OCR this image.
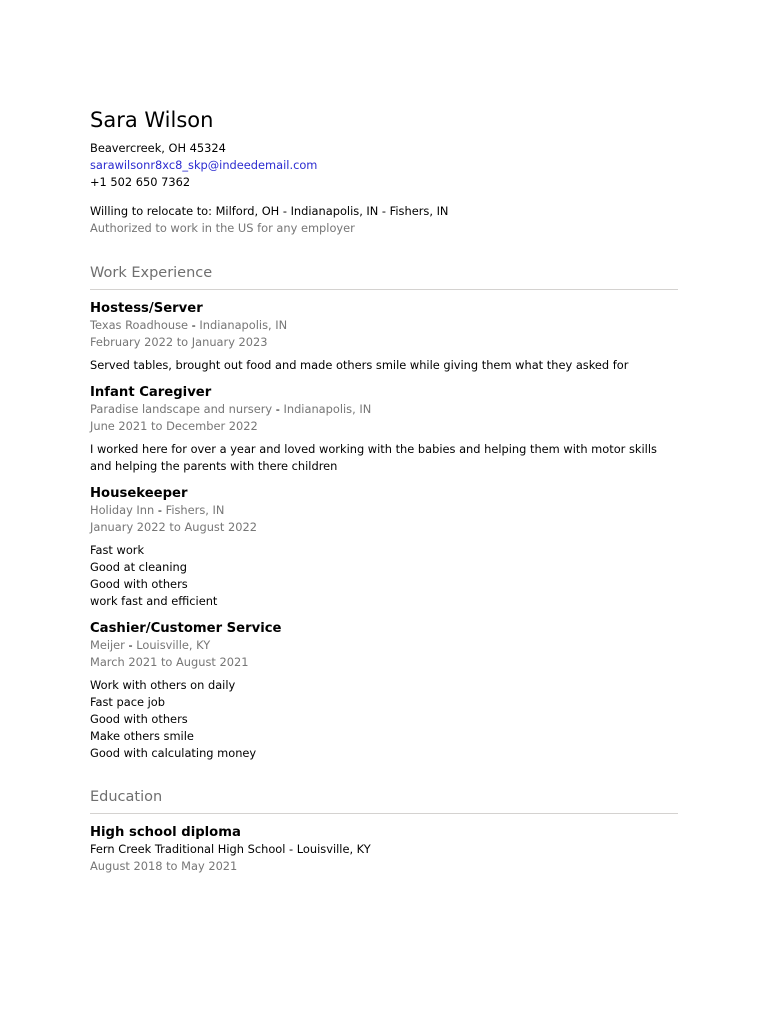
Sara Wilson

Beavercreek, OH 45324

sarawilsonr8xc8_skp@indeedemail.com

+1 502 650 7362

Willing to relocate to: Milford, OH - Indianapolis, IN - Fishers, IN

Authorized to work in the US for any employer

Work Experience

Hostess/Server

Texas Roadhouse - Indianapolis, IN

February 2022 to January 2023

Served tables, brought out food and made others smile while giving them what they asked for

Infant Caregiver

Paradise landscape and nursery - Indianapolis, IN

June 2021 to December 2022

I worked here for over a year and loved working with the babies and helping them with motor skills and helping the parents with there children

Housekeeper

Holiday Inn - Fishers, IN

January 2022 to August 2022

Fast work

Good at cleaning

Good with others

work fast and efficient

Cashier/Customer Service

Meijer - Louisville, KY

March 2021 to August 2021

Work with others on daily

Fast pace job

Good with others

Make others smile

Good with calculating money

Education

High school diploma

Fern Creek Traditional High School - Louisville, KY

August 2018 to May 2021
